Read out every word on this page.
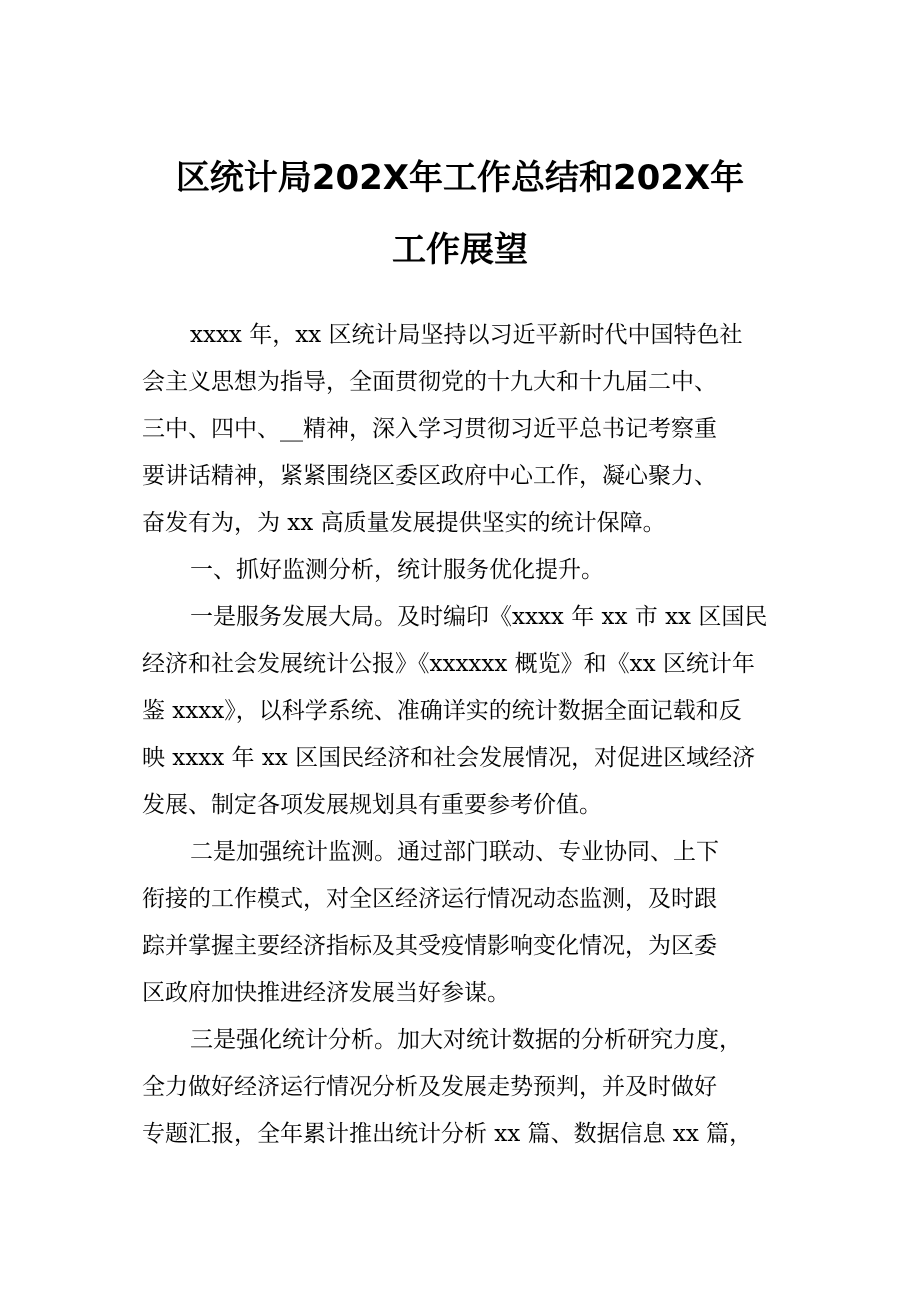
区统计局202X年工作总结和202X年
工作展望
xxxx 年，xx 区统计局坚持以习近平新时代中国特色社
会主义思想为指导，全面贯彻党的十九大和十九届二中、
三中、四中、__精神，深入学习贯彻习近平总书记考察重
要讲话精神，紧紧围绕区委区政府中心工作，凝心聚力、
奋发有为，为 xx 高质量发展提供坚实的统计保障。
一、抓好监测分析，统计服务优化提升。
一是服务发展大局。及时编印《xxxx 年 xx 市 xx 区国民
经济和社会发展统计公报》《xxxxxx 概览》和《xx 区统计年
鉴 xxxx》，以科学系统、准确详实的统计数据全面记载和反
映 xxxx 年 xx 区国民经济和社会发展情况，对促进区域经济
发展、制定各项发展规划具有重要参考价值。
二是加强统计监测。通过部门联动、专业协同、上下
衔接的工作模式，对全区经济运行情况动态监测，及时跟
踪并掌握主要经济指标及其受疫情影响变化情况，为区委
区政府加快推进经济发展当好参谋。
三是强化统计分析。加大对统计数据的分析研究力度，
全力做好经济运行情况分析及发展走势预判，并及时做好
专题汇报，全年累计推出统计分析 xx 篇、数据信息 xx 篇，
